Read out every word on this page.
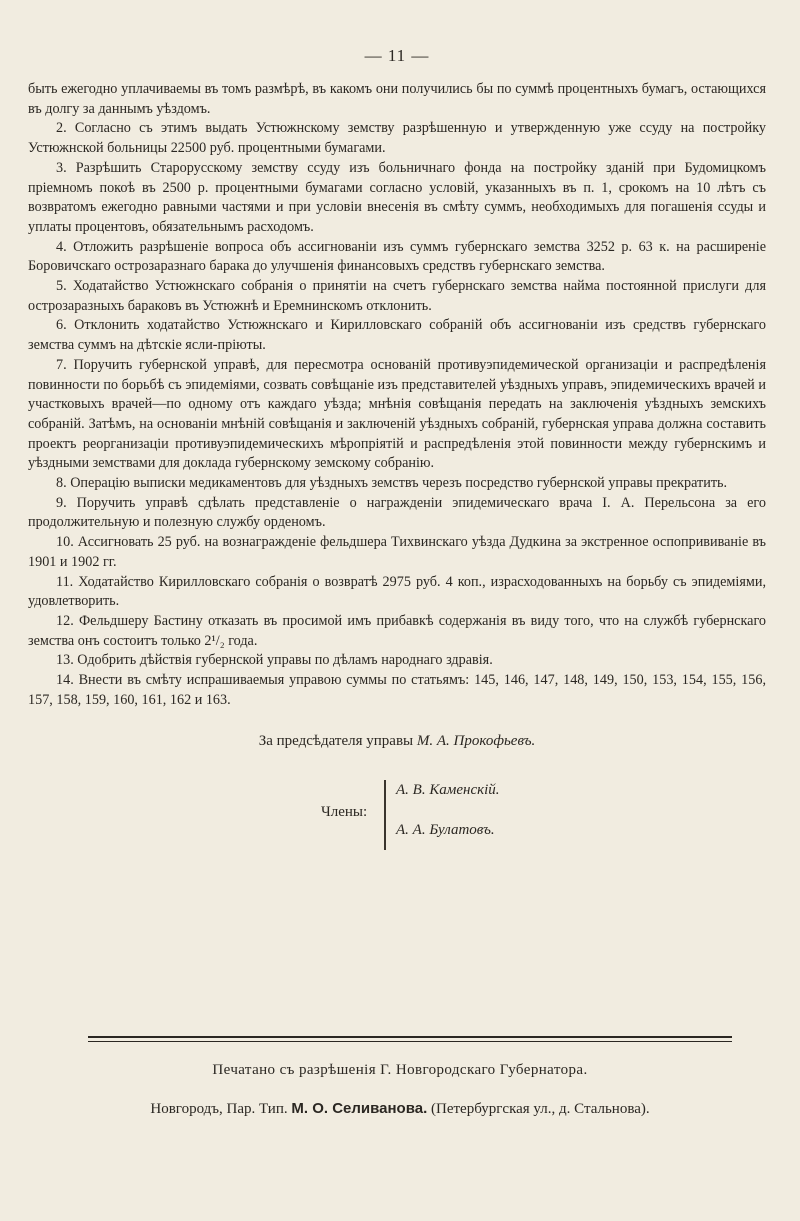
— 11 —

быть ежегодно уплачиваемы въ томъ размѣрѣ, въ какомъ они получились бы по суммѣ процентныхъ бумагъ, остающихся въ долгу за даннымъ уѣздомъ.

2. Согласно съ этимъ выдать Устюжнскому земству разрѣшенную и утвержденную уже ссуду на постройку Устюжнской больницы 22500 руб. процентными бумагами.

3. Разрѣшить Старорусскому земству ссуду изъ больничнаго фонда на постройку зданій при Будомицкомъ пріемномъ покоѣ въ 2500 р. процентными бумагами согласно условій, указанныхъ въ п. 1, срокомъ на 10 лѣтъ съ возвратомъ ежегодно равными частями и при условіи внесенія въ смѣту суммъ, необходимыхъ для погашенія ссуды и уплаты процентовъ, обязательнымъ расходомъ.

4. Отложить разрѣшеніе вопроса объ ассигнованіи изъ суммъ губернскаго земства 3252 р. 63 к. на расширеніе Боровичскаго острозаразнаго барака до улучшенія финансовыхъ средствъ губернскаго земства.

5. Ходатайство Устюжнскаго собранія о принятіи на счетъ губернскаго земства найма постоянной прислуги для острозаразныхъ бараковъ въ Устюжнѣ и Еремнинскомъ отклонить.

6. Отклонить ходатайство Устюжнскаго и Кирилловскаго собраній объ ассигнованіи изъ средствъ губернскаго земства суммъ на дѣтскіе ясли-пріюты.

7. Поручить губернской управѣ, для пересмотра основаній противуэпидемической организаціи и распредѣленія повинности по борьбѣ съ эпидеміями, созвать совѣщаніе изъ представителей уѣздныхъ управъ, эпидемическихъ врачей и участковыхъ врачей—по одному отъ каждаго уѣзда; мнѣнія совѣщанія передать на заключенія уѣздныхъ земскихъ собраній. Затѣмъ, на основаніи мнѣній совѣщанія и заключеній уѣздныхъ собраній, губернская управа должна составить проектъ реорганизаціи противуэпидемическихъ мѣропріятій и распредѣленія этой повинности между губернскимъ и уѣздными земствами для доклада губернскому земскому собранію.

8. Операцію выписки медикаментовъ для уѣздныхъ земствъ черезъ посредство губернской управы прекратить.

9. Поручить управѣ сдѣлать представленіе о награжденіи эпидемическаго врача I. А. Перельсона за его продолжительную и полезную службу орденомъ.

10. Ассигновать 25 руб. на вознагражденіе фельдшера Тихвинскаго уѣзда Дудкина за экстренное оспопрививаніе въ 1901 и 1902 гг.

11. Ходатайство Кирилловскаго собранія о возвратѣ 2975 руб. 4 коп., израсходованныхъ на борьбу съ эпидеміями, удовлетворить.

12. Фельдшеру Бастину отказать въ просимой имъ прибавкѣ содержанія въ виду того, что на службѣ губернскаго земства онъ состоитъ только 2¹/₂ года.

13. Одобрить дѣйствія губернской управы по дѣламъ народнаго здравія.

14. Внести въ смѣту испрашиваемыя управою суммы по статьямъ: 145, 146, 147, 148, 149, 150, 153, 154, 155, 156, 157, 158, 159, 160, 161, 162 и 163.

За предсѣдателя управы М. А. Прокофьевъ.
Члены:
А. В. Каменскій.
А. А. Булатовъ.
Печатано съ разрѣшенія Г. Новгородскаго Губернатора.
Новгородъ, Пар. Тип. М. О. Селиванова. (Петербургская ул., д. Стальнова).
